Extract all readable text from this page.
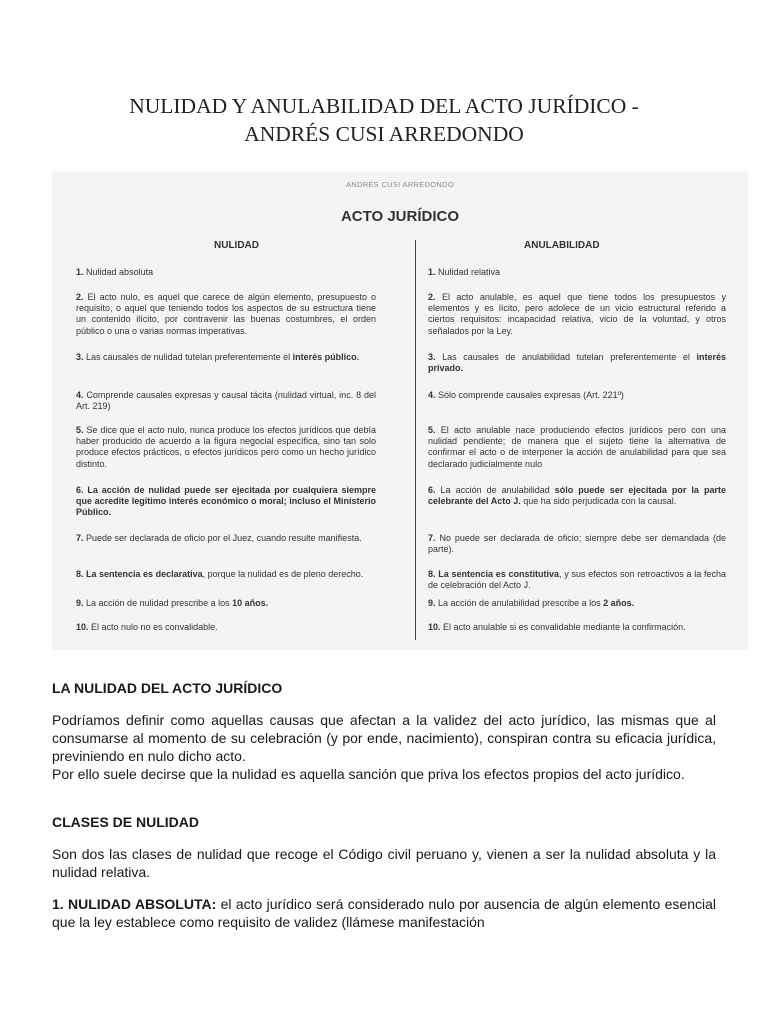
NULIDAD Y ANULABILIDAD DEL ACTO JURÍDICO -
ANDRÉS CUSI ARREDONDO
ANDRÉS CUSI ARREDONDO
ACTO JURÍDICO
NULIDAD	ANULABILIDAD
1. Nulidad absoluta
2. El acto nulo, es aquel que carece de algún elemento, presupuesto o requisito, o aquel que teniendo todos los aspectos de su estructura tiene un contenido ilícito, por contravenir las buenas costumbres, el orden público o una o varias normas imperativas.
3. Las causales de nulidad tutelan preferentemente el interés público.
4. Comprende causales expresas y causal tácita (nulidad virtual, inc. 8 del Art. 219)
5. Se dice que el acto nulo, nunca produce los efectos jurídicos que debía haber producido de acuerdo a la figura negocial específica, sino tan solo produce efectos prácticos, o efectos jurídicos pero como un hecho jurídico distinto.
6. La acción de nulidad puede ser ejecitada por cualquiera siempre que acredite legítimo interés económico o moral; incluso el Ministerio Público.
7. Puede ser declarada de oficio por el Juez, cuando resulte manifiesta.
8. La sentencia es declarativa, porque la nulidad es de pleno derecho.
9. La acción de nulidad prescribe a los 10 años.
10. El acto nulo no es convalidable.
1. Nulidad relativa
2. El acto anulable, es aquel que tiene todos los presupuestos y elementos y es lícito, pero adolece de un vicio estructural referido a ciertos requisitos: incapacidad relativa, vicio de la voluntad, y otros señalados por la Ley.
3. Las causales de anulabilidad tutelan preferentemente el interés privado.
4. Sólo comprende causales expresas (Art. 221º)
5. El acto anulable nace produciendo efectos jurídicos pero con una nulidad pendiente; de manera que el sujeto tiene la alternativa de confirmar el acto o de interponer la acción de anulabilidad para que sea declarado judicialmente nulo
6. La acción de anulabilidad sólo puede ser ejecitada por la parte celebrante del Acto J. que ha sido perjudicada con la causal.
7. No puede ser declarada de oficio; siempre debe ser demandada (de parte).
8. La sentencia es constitutiva, y sus efectos son retroactivos a la fecha de celebración del Acto J.
9. La acción de anulabilidad prescribe a los 2 años.
10. El acto anulable si es convalidable mediante la confirmación.
LA NULIDAD DEL ACTO JURÍDICO
Podríamos definir como aquellas causas que afectan a la validez del acto jurídico, las mismas que al consumarse al momento de su celebración (y por ende, nacimiento), conspiran contra su eficacia jurídica, previniendo en nulo dicho acto.
Por ello suele decirse que la nulidad es aquella sanción que priva los efectos propios del acto jurídico.
CLASES DE NULIDAD
Son dos las clases de nulidad que recoge el Código civil peruano y, vienen a ser la nulidad absoluta y la nulidad relativa.
1. NULIDAD ABSOLUTA: el acto jurídico será considerado nulo por ausencia de algún elemento esencial que la ley establece como requisito de validez (llámese manifestación
